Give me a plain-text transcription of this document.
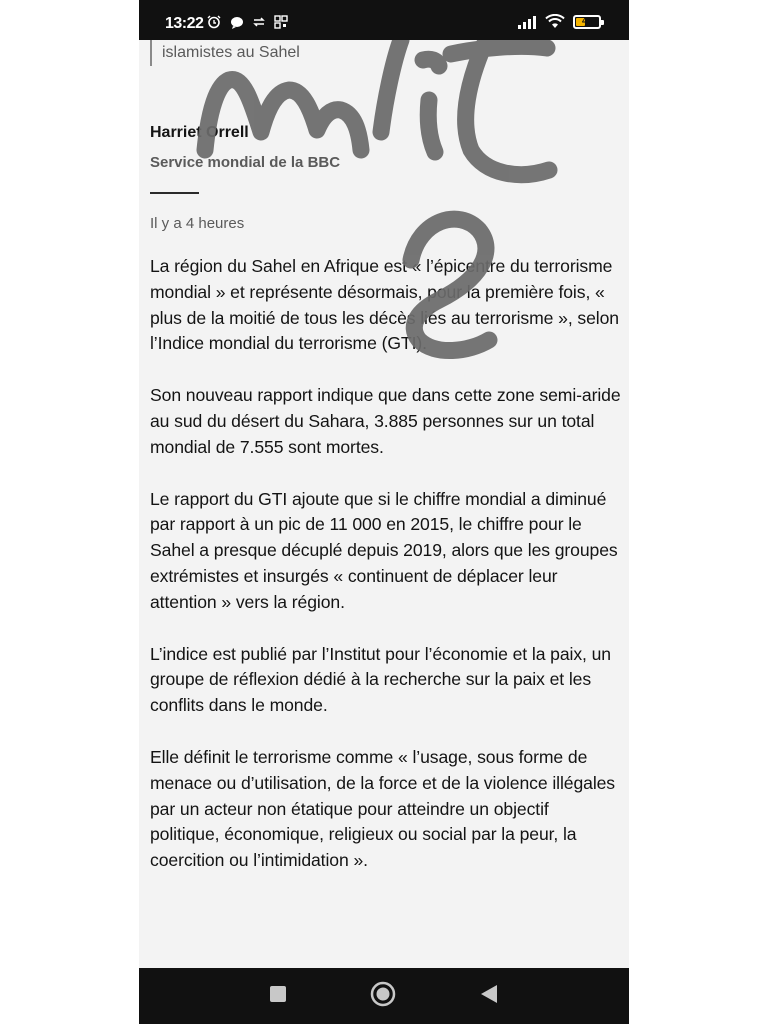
13:22	43
islamistes au Sahel
Harriet Orrell
Service mondial de la BBC
Il y a 4 heures

La région du Sahel en Afrique est « l’épicentre du terrorisme mondial » et représente désormais, pour la première fois, « plus de la moitié de tous les décès liés au terrorisme », selon l’Indice mondial du terrorisme (GTI).

Son nouveau rapport indique que dans cette zone semi-aride au sud du désert du Sahara, 3.885 personnes sur un total mondial de 7.555 sont mortes.

Le rapport du GTI ajoute que si le chiffre mondial a diminué par rapport à un pic de 11 000 en 2015, le chiffre pour le Sahel a presque décuplé depuis 2019, alors que les groupes extrémistes et insurgés « continuent de déplacer leur attention » vers la région.

L’indice est publié par l’Institut pour l’économie et la paix, un groupe de réflexion dédié à la recherche sur la paix et les conflits dans le monde.

Elle définit le terrorisme comme « l’usage, sous forme de menace ou d’utilisation, de la force et de la violence illégales par un acteur non étatique pour atteindre un objectif politique, économique, religieux ou social par la peur, la coercition ou l’intimidation ».
